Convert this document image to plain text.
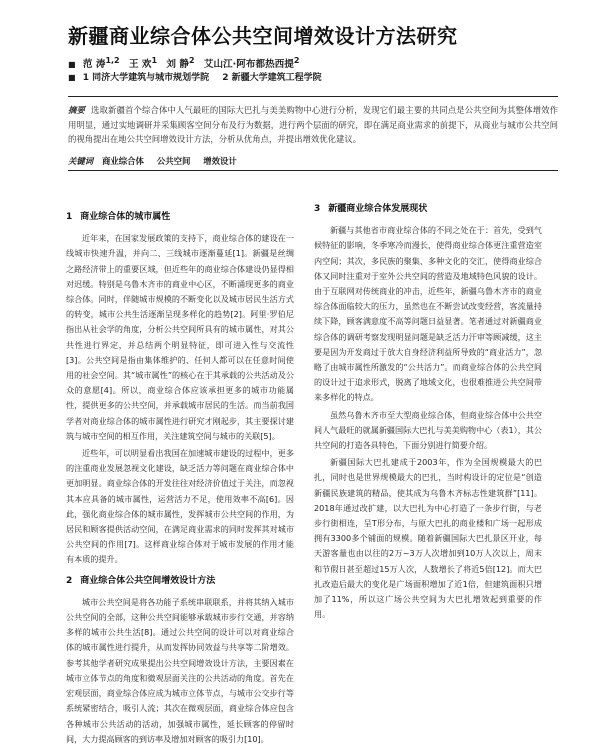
新疆商业综合体公共空间增效设计方法研究
■ 范 涛$^{1,2}$ 王 欢$^1$ 刘 静$^2$ 艾山江·阿布都热西提$^2$
■ 1 同济大学建筑与城市规划学院 2 新疆大学建筑工程学院
摘要 选取新疆首个综合体中人气最旺的国际大巴扎与美美购物中心进行分析，发现它们最主要的共同点是公共空间为其整体增效作用明显，通过实地调研并采集顾客空间分布及行为数据，进行两个层面的研究，即在满足商业需求的前提下，从商业与城市公共空间的视角提出在地公共空间增效设计方法，分析从优角点，并提出增效优化建议。
关键词 商业综合体 公共空间 增效设计
1 商业综合体的城市属性

近年来，在国家发展政策的支持下，商业综合体的建设在一线城市快速升温，并向二、三线城市逐渐蔓延[1]。新疆是丝绸之路经济带上的重要区域，但近些年的商业综合体建设仍显得相对迟缓。特别是乌鲁木齐市的商业中心区，不断涌现更多的商业综合体。同时，伴随城市规模的不断变化以及城市居民生活方式的转变，城市公共生活逐渐呈现多样化的趋势[2]。阿里·罗伯尼指出从社会学的角度，分析公共空间所具有的城市属性，对其公共性进行界定，并总结两个明显特征，即可进入性与交流性[3]。公共空间是指由集体维护的、任何人都可以在任意时间使用的社会空间。其“城市属性”的核心在于其承载的公共活动及公众的意愿[4]。所以，商业综合体应该承担更多的城市功能属性，提供更多的公共空间，并承载城市居民的生活。而当前我国学者对商业综合体的城市属性进行研究才刚起步，其主要探讨建筑与城市空间的相互作用，关注建筑空间与城市的关联[5]。

近些年，可以明显看出我国在加速城市建设的过程中，更多的注重商业发展忽视文化建设，缺乏活力等问题在商业综合体中更加明显。商业综合体的开发往往对经济价值过于关注，而忽视其本应具备的城市属性，运营活力不足，使用效率不高[6]。因此，强化商业综合体的城市属性，发挥城市公共空间的作用，为居民和顾客提供活动空间，在满足商业需求的同时发挥其对城市公共空间的作用[7]。这样商业综合体对于城市发展的作用才能有本质的提升。

2 商业综合体公共空间增效设计方法

城市公共空间是将各功能子系统串联联系，并将其纳入城市公共空间的全部，这种公共空间能够承载城市步行交通，并容纳多样的城市公共生活[8]。通过公共空间的设计可以对商业综合体的城市属性进行提升，从而发挥协同效益与共享等二阶增效。参考其他学者研究成果提出公共空间增效设计方法，主要因素在城市立体节点的角度和微观层面关注的公共活动的角度。首先在宏观层面，商业综合体应成为城市立体节点，与城市公交步行等系统紧密结合，吸引人流；其次在微观层面，商业综合体应包含各种城市公共活动的活动，加强城市属性，延长顾客的停留时间，大力提高顾客的到访率及增加对顾客的吸引力[10]。

3 新疆商业综合体发展现状

新疆与其他省市商业综合体的不同之处在于：首先，受到气候特征的影响，冬季寒冷而漫长，使得商业综合体更注重营造室内空间；其次，多民族的聚集、多种文化的交汇，使得商业综合体又同时注重对于室外公共空间的营造及地域特色风貌的设计。由于互联网对传统商业的冲击，近些年，新疆乌鲁木齐市的商业综合体面临较大的压力，虽然也在不断尝试改变经营，客流量持续下降，顾客满意度不高等问题日益显著。笔者通过对新疆商业综合体的调研考察发现明显问题是缺乏活力汗审等顾减缓，这主要是因为开发商过于放大自身经济利益所导致的“商业活力”，忽略了由城市属性所激发的“公共活力”。而商业综合体的公共空间的设计过于追求形式，脱离了地域文化，也很难推进公共空间带来多样化的特点。

虽然乌鲁木齐市至大型商业综合体，但商业综合体中公共空间人气最旺的就属新疆国际大巴扎与美美购物中心（表1），其公共空间的打造各具特色，下面分别进行简要介绍。

新疆国际大巴扎建成于2003年，作为全国规模最大的巴扎，同时也是世界规模最大的巴扎，当时构设计的定位是“创造新疆民族建筑的精品，使其成为乌鲁木齐标志性建筑群”[11]。2018年通过改扩建，以大巴扎为中心打造了一条步行街，与老步行街相连，呈T形分布，与原大巴扎的商业楼和广场一起形成拥有3300多个铺面的规模。随着新疆国际大巴扎景区开业，每天游客量也由以往的2万~3万人次增加到10万人次以上，周末和节假日甚至超过15万人次，人数增长了将近5倍[12]。而大巴扎改造后最大的变化是广场面积增加了近1倍，但建筑面积只增加了11%，所以这广场公共空间为大巴扎增效起到重要的作用。
